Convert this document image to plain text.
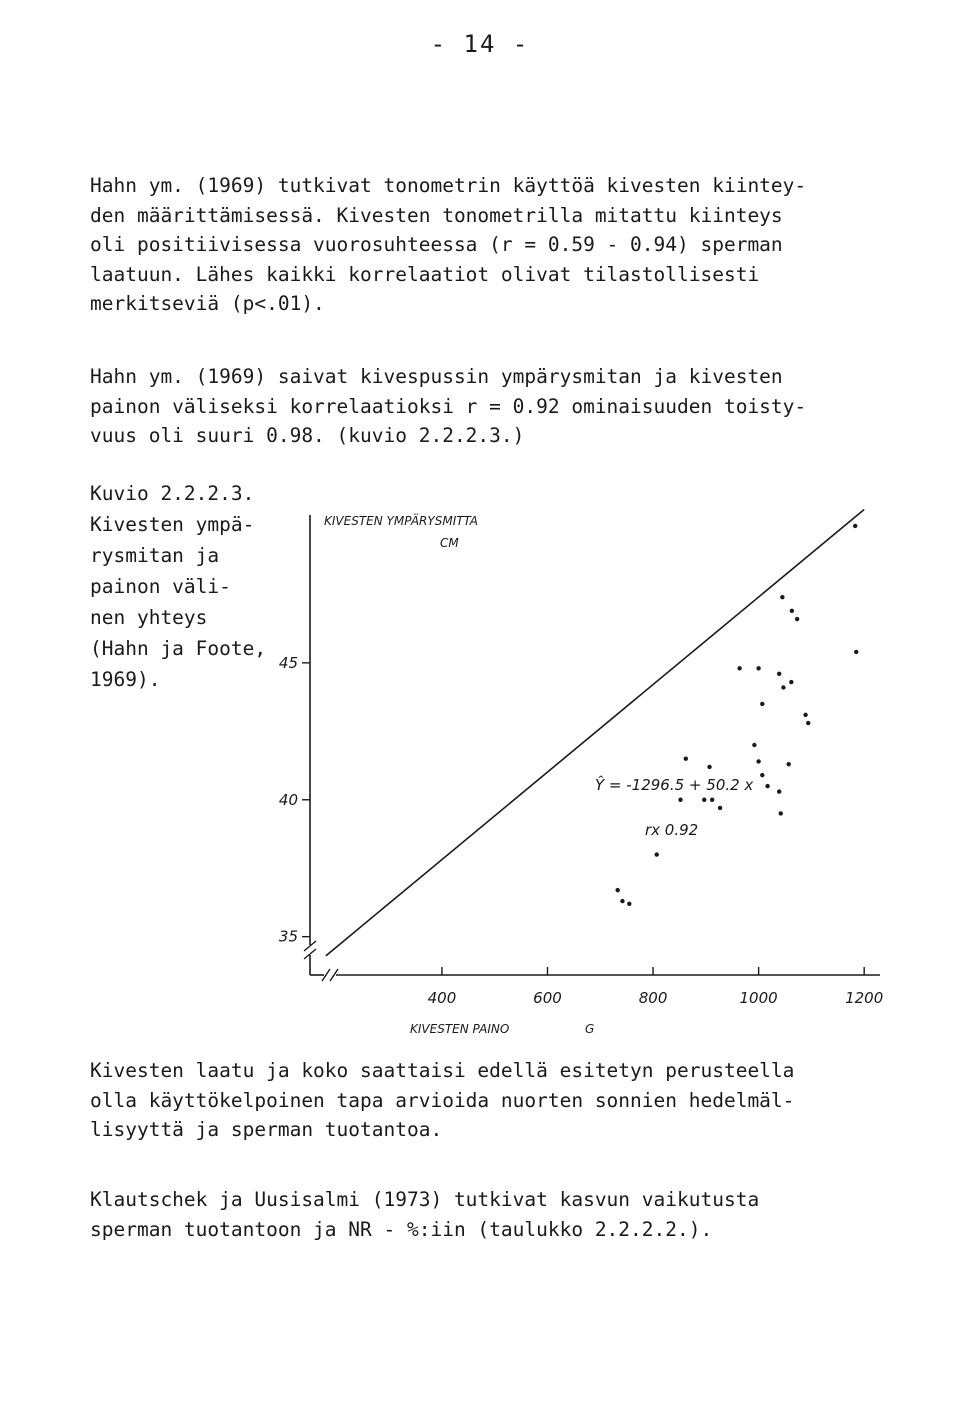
- 14 -
Hahn ym. (1969) tutkivat tonometrin käyttöä kivesten kiintey-
den määrittämisessä. Kivesten tonometrilla mitattu kiinteys
oli positiivisessa vuorosuhteessa (r = 0.59 - 0.94) sperman
laatuun. Lähes kaikki korrelaatiot olivat tilastollisesti
merkitseviä (p<.01).
Hahn ym. (1969) saivat kivespussin ympärysmitan ja kivesten
painon väliseksi korrelaatioksi r = 0.92 ominaisuuden toisty-
vuus oli suuri 0.98. (kuvio 2.2.2.3.)
Kuvio 2.2.2.3.
Kivesten ympä-
rysmitan ja
painon väli-
nen yhteys
(Hahn ja Foote,
1969).
35
40
45
400	600	800	1000	1200
KIVESTEN YMPÄRYSMITTA
CM
KIVESTEN PAINO	G
Ŷ = -1296.5 + 50.2 x
rx 0.92
Kivesten laatu ja koko saattaisi edellä esitetyn perusteella
olla käyttökelpoinen tapa arvioida nuorten sonnien hedelmäl-
lisyyttä ja sperman tuotantoa.
Klautschek ja Uusisalmi (1973) tutkivat kasvun vaikutusta
sperman tuotantoon ja NR - %:iin (taulukko 2.2.2.2.).
